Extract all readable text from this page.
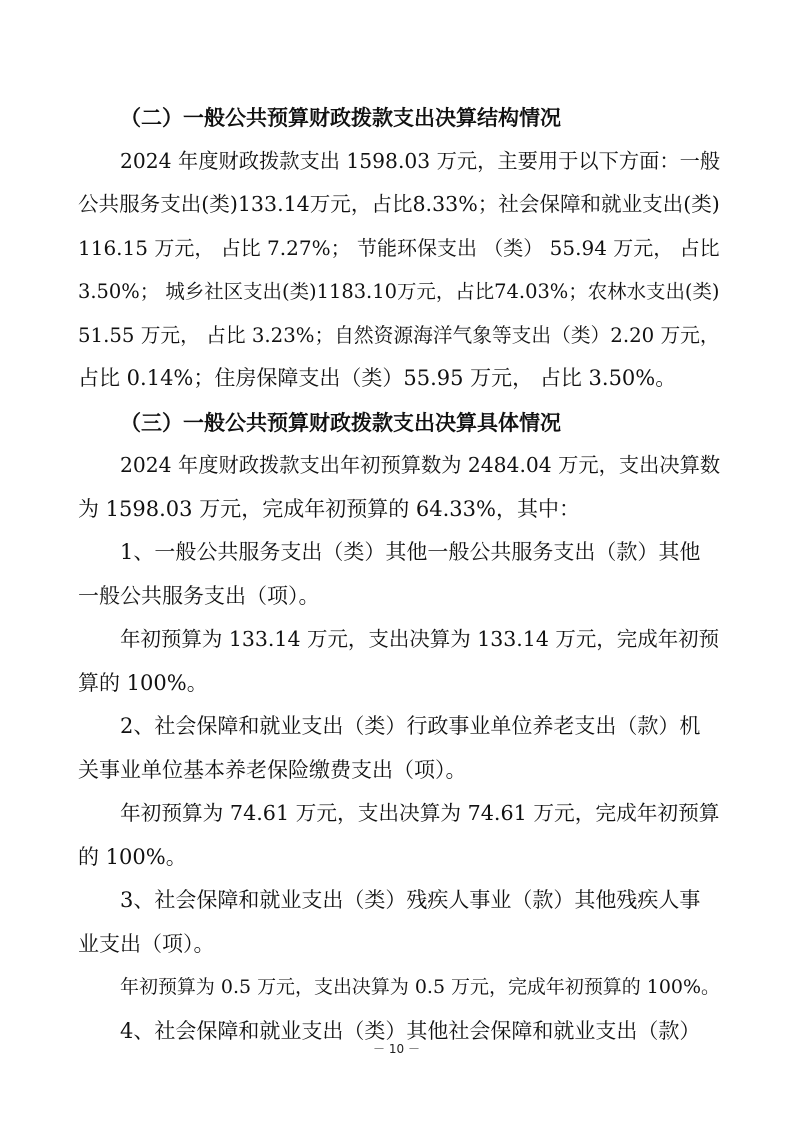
（二）一般公共预算财政拨款支出决算结构情况
2024 年度财政拨款支出 1598.03 万元，主要用于以下方面：一般
公共服务支出(类)133.14万元，占比8.33%；社会保障和就业支出(类)
116.15 万元， 占比 7.27%； 节能环保支出 （类） 55.94 万元， 占比
3.50%； 城乡社区支出(类)1183.10万元，占比74.03%；农林水支出(类)
51.55 万元， 占比 3.23%；自然资源海洋气象等支出（类）2.20 万元，
占比 0.14%；住房保障支出（类）55.95 万元， 占比 3.50%。
（三）一般公共预算财政拨款支出决算具体情况
2024 年度财政拨款支出年初预算数为 2484.04 万元，支出决算数
为 1598.03 万元，完成年初预算的 64.33%，其中：
1、一般公共服务支出（类）其他一般公共服务支出（款）其他
一般公共服务支出（项）。
年初预算为 133.14 万元，支出决算为 133.14 万元，完成年初预
算的 100%。
2、社会保障和就业支出（类）行政事业单位养老支出（款）机
关事业单位基本养老保险缴费支出（项）。
年初预算为 74.61 万元，支出决算为 74.61 万元，完成年初预算
的 100%。
3、社会保障和就业支出（类）残疾人事业（款）其他残疾人事
业支出（项）。
年初预算为 0.5 万元，支出决算为 0.5 万元，完成年初预算的 100%。
4、社会保障和就业支出（类）其他社会保障和就业支出（款）
－ 10 －
